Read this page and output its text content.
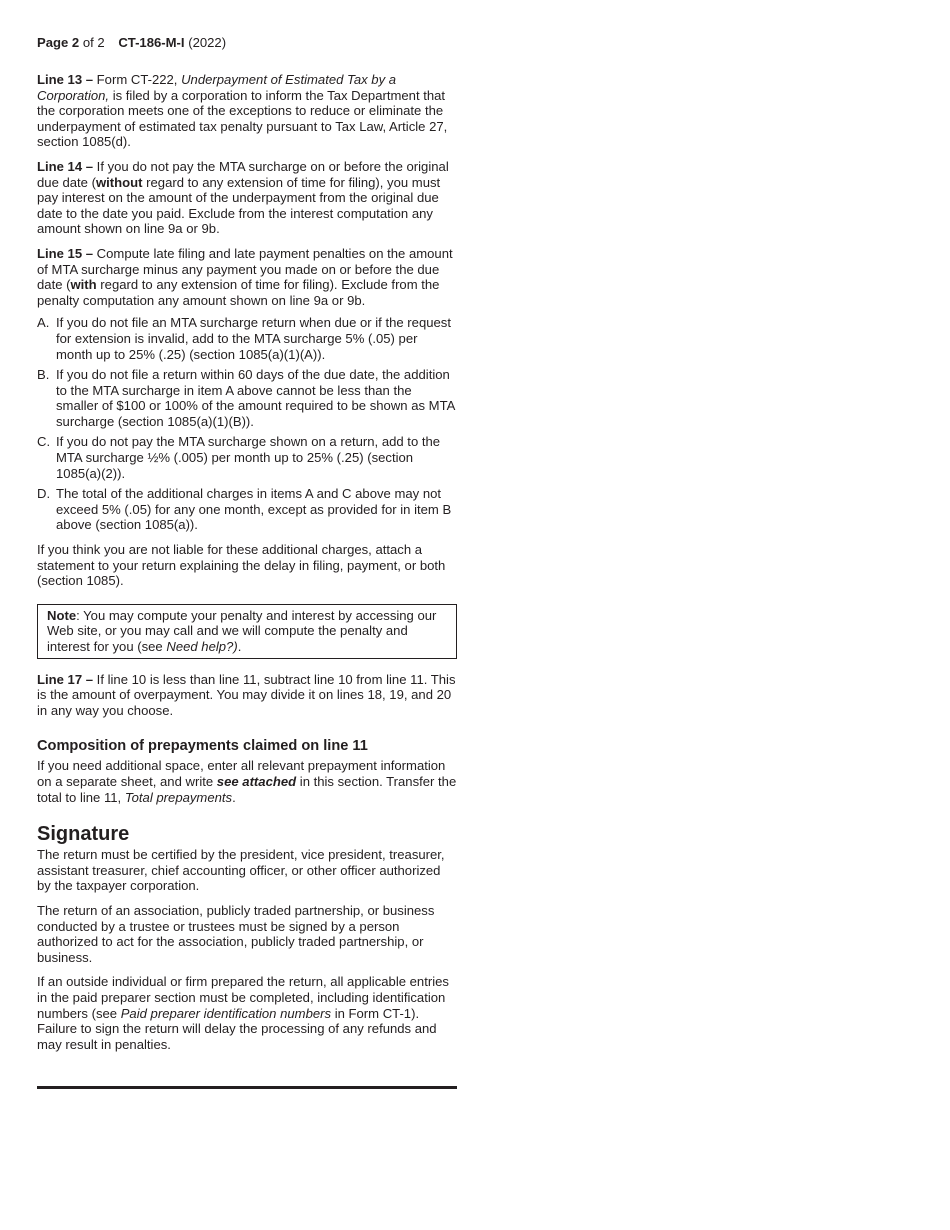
Page 2 of 2 CT-186-M-I (2022)

Line 13 – Form CT-222, Underpayment of Estimated Tax by a Corporation, is filed by a corporation to inform the Tax Department that the corporation meets one of the exceptions to reduce or eliminate the underpayment of estimated tax penalty pursuant to Tax Law, Article 27, section 1085(d).

Line 14 – If you do not pay the MTA surcharge on or before the original due date (without regard to any extension of time for filing), you must pay interest on the amount of the underpayment from the original due date to the date you paid. Exclude from the interest computation any amount shown on line 9a or 9b.

Line 15 – Compute late filing and late payment penalties on the amount of MTA surcharge minus any payment you made on or before the due date (with regard to any extension of time for filing). Exclude from the penalty computation any amount shown on line 9a or 9b.

A. If you do not file an MTA surcharge return when due or if the request for extension is invalid, add to the MTA surcharge 5% (.05) per month up to 25% (.25) (section 1085(a)(1)(A)).
B. If you do not file a return within 60 days of the due date, the addition to the MTA surcharge in item A above cannot be less than the smaller of $100 or 100% of the amount required to be shown as MTA surcharge (section 1085(a)(1)(B)).
C. If you do not pay the MTA surcharge shown on a return, add to the MTA surcharge ½% (.005) per month up to 25% (.25) (section 1085(a)(2)).
D. The total of the additional charges in items A and C above may not exceed 5% (.05) for any one month, except as provided for in item B above (section 1085(a)).

If you think you are not liable for these additional charges, attach a statement to your return explaining the delay in filing, payment, or both (section 1085).

Note: You may compute your penalty and interest by accessing our Web site, or you may call and we will compute the penalty and interest for you (see Need help?).

Line 17 – If line 10 is less than line 11, subtract line 10 from line 11. This is the amount of overpayment. You may divide it on lines 18, 19, and 20 in any way you choose.

Composition of prepayments claimed on line 11

If you need additional space, enter all relevant prepayment information on a separate sheet, and write see attached in this section. Transfer the total to line 11, Total prepayments.

Signature

The return must be certified by the president, vice president, treasurer, assistant treasurer, chief accounting officer, or other officer authorized by the taxpayer corporation.

The return of an association, publicly traded partnership, or business conducted by a trustee or trustees must be signed by a person authorized to act for the association, publicly traded partnership, or business.

If an outside individual or firm prepared the return, all applicable entries in the paid preparer section must be completed, including identification numbers (see Paid preparer identification numbers in Form CT-1). Failure to sign the return will delay the processing of any refunds and may result in penalties.
